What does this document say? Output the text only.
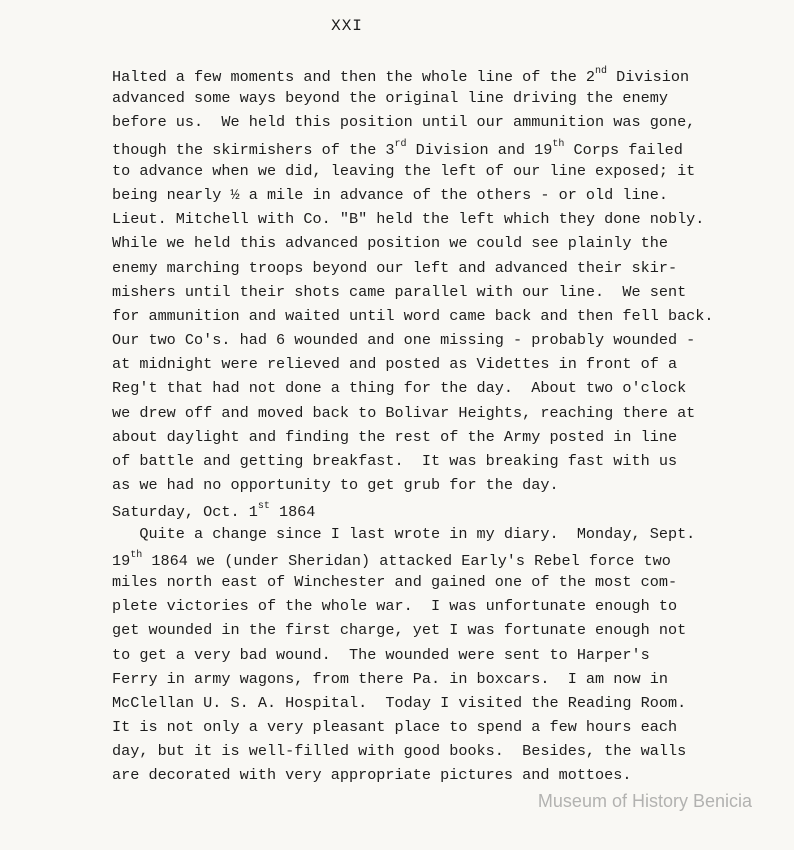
XXI
Halted a few moments and then the whole line of the 2nd Division
advanced some ways beyond the original line driving the enemy
before us.  We held this position until our ammunition was gone,
though the skirmishers of the 3rd Division and 19th Corps failed
to advance when we did, leaving the left of our line exposed; it
being nearly ½ a mile in advance of the others - or old line.
Lieut. Mitchell with Co. "B" held the left which they done nobly.
While we held this advanced position we could see plainly the
enemy marching troops beyond our left and advanced their skir-
mishers until their shots came parallel with our line.  We sent
for ammunition and waited until word came back and then fell back.
Our two Co's. had 6 wounded and one missing - probably wounded -
at midnight were relieved and posted as Videttes in front of a
Reg't that had not done a thing for the day.  About two o'clock
we drew off and moved back to Bolivar Heights, reaching there at
about daylight and finding the rest of the Army posted in line
of battle and getting breakfast.  It was breaking fast with us
as we had no opportunity to get grub for the day.
Saturday, Oct. 1st 1864
Quite a change since I last wrote in my diary.  Monday, Sept.
19th 1864 we (under Sheridan) attacked Early's Rebel force two
miles north east of Winchester and gained one of the most com-
plete victories of the whole war.  I was unfortunate enough to
get wounded in the first charge, yet I was fortunate enough not
to get a very bad wound.  The wounded were sent to Harper's
Ferry in army wagons, from there Pa. in boxcars.  I am now in
McClellan U. S. A. Hospital.  Today I visited the Reading Room.
It is not only a very pleasant place to spend a few hours each
day, but it is well-filled with good books.  Besides, the walls
are decorated with very appropriate pictures and mottoes.
Museum of History Benicia
